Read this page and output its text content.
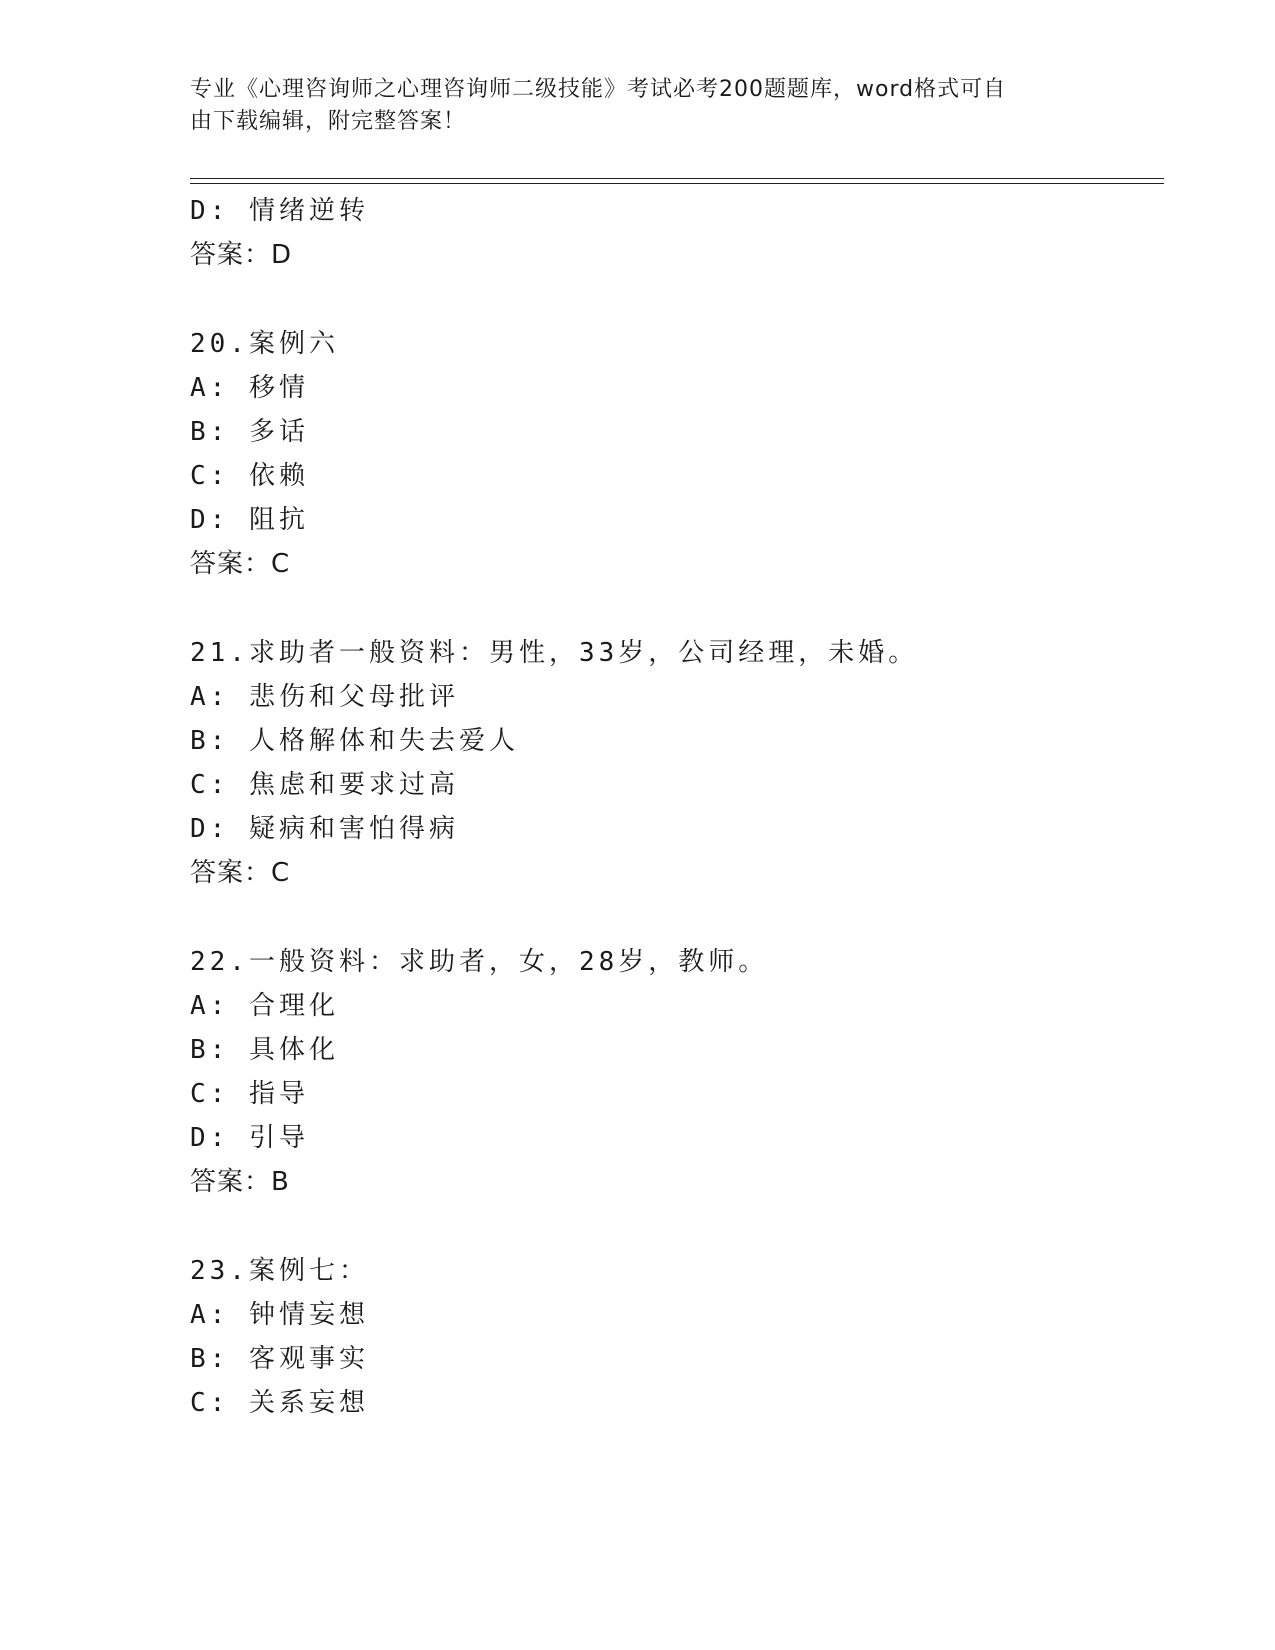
专业《心理咨询师之心理咨询师二级技能》考试必考200题题库，word格式可自
由下载编辑，附完整答案！
D: 情绪逆转
答案：D
20.案例六
A: 移情
B: 多话
C: 依赖
D: 阻抗
答案：C
21.求助者一般资料：男性，33岁，公司经理，未婚。
A: 悲伤和父母批评
B: 人格解体和失去爱人
C: 焦虑和要求过高
D: 疑病和害怕得病
答案：C
22.一般资料：求助者，女，28岁，教师。
A: 合理化
B: 具体化
C: 指导
D: 引导
答案：B
23.案例七：
A: 钟情妄想
B: 客观事实
C: 关系妄想
